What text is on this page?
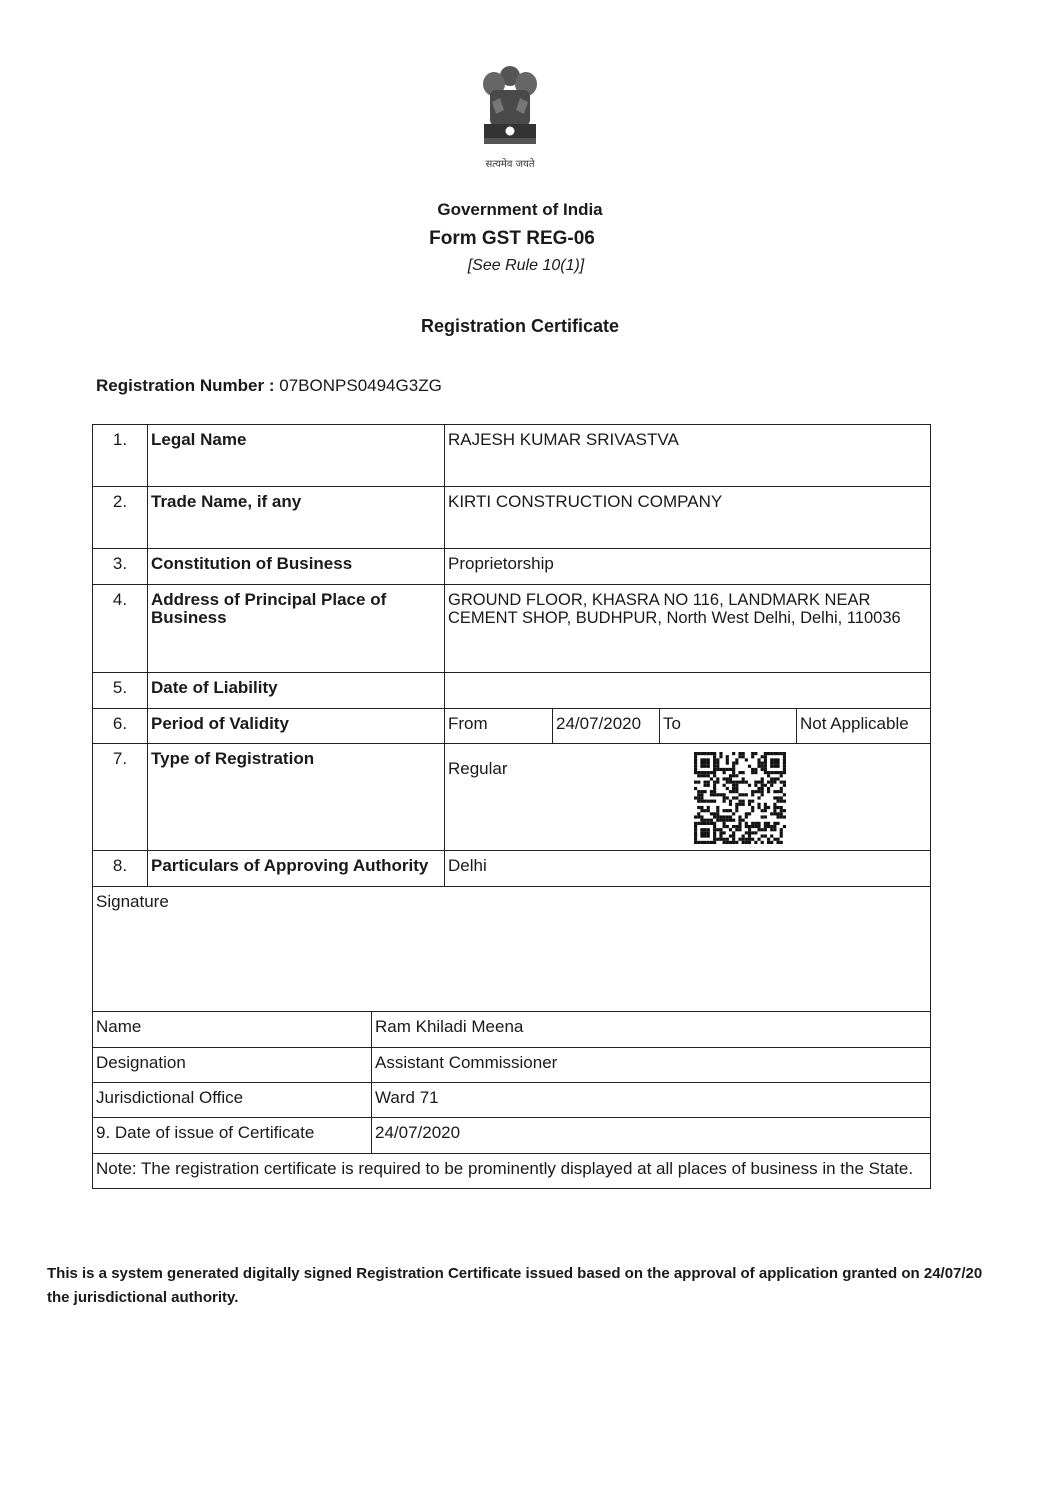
सत्यमेव जयते
Government of India
Form GST REG-06
[See Rule 10(1)]
Registration Certificate
Registration Number : 07BONPS0494G3ZG
1.	Legal Name	RAJESH KUMAR SRIVASTVA			
2.	Trade Name, if any	KIRTI CONSTRUCTION COMPANY			
3.	Constitution of Business	Proprietorship			
4.	Address of Principal Place of Business	GROUND FLOOR, KHASRA NO 116, LANDMARK NEAR CEMENT SHOP, BUDHPUR, North West Delhi, Delhi, 110036			
5.	Date of Liability				
6.	Period of Validity	From	24/07/2020	To	Not Applicable
7.	Type of Registration	Regular			
8.	Particulars of Approving Authority	Delhi			
Signature	
Name	Ram Khiladi Meena
Designation	Assistant Commissioner
Jurisdictional Office	Ward 71
9. Date of issue of Certificate	24/07/2020
Note: The registration certificate is required to be prominently displayed at all places of business in the State.	
This is a system generated digitally signed Registration Certificate issued based on the approval of application granted on 24/07/20
the jurisdictional authority.
